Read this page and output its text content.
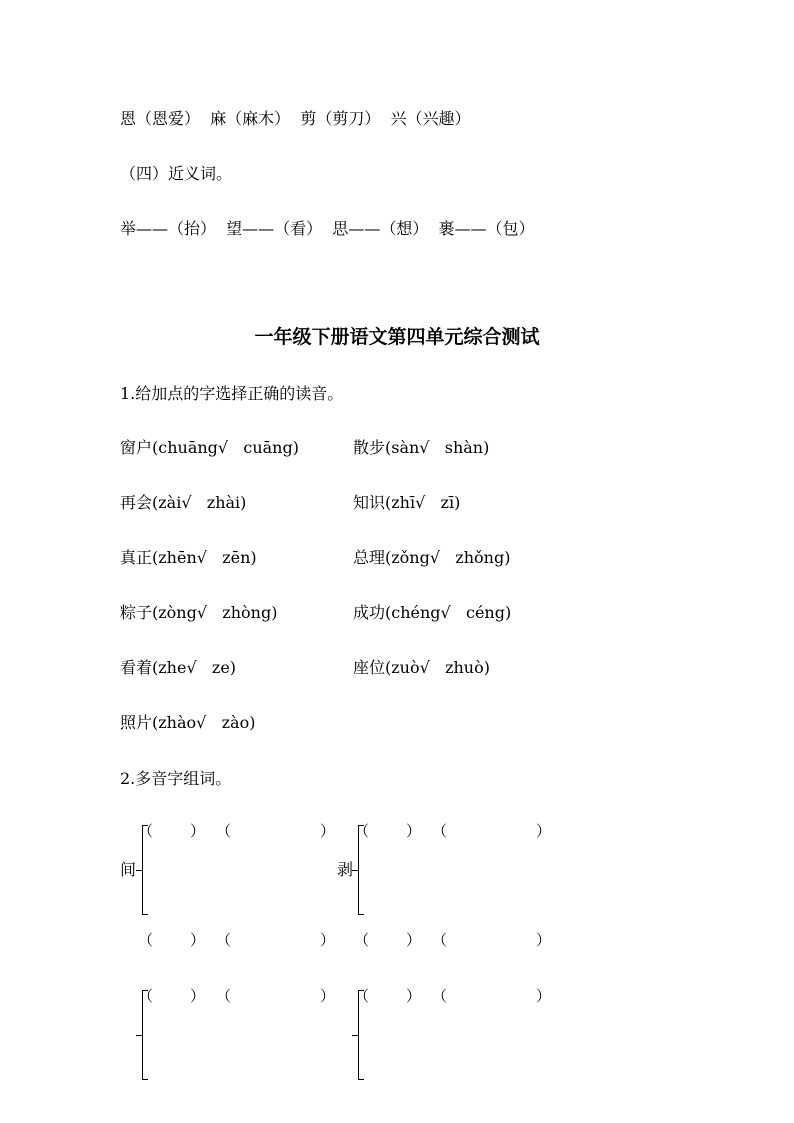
恩（恩爱）  麻（麻木）  剪（剪刀）  兴（兴趣）
（四）近义词。
举——（抬）  望——（看）  思——（想）  裹——（包）
一年级下册语文第四单元综合测试
1.给加点的字选择正确的读音。
窗户(chuāng√   cuāng)	散步(sàn√   shàn)
再会(zài√   zhài)	知识(zhī√   zī)
真正(zhēn√   zēn)	总理(zǒng√   zhǒng)
粽子(zòng√   zhòng)	成功(chéng√   céng)
看着(zhe√   ze)	座位(zuò√   zhuò)
照片(zhào√   zào)
2.多音字组词。
间
（ ） （	）
（ ） （	）
剥
（ ） （	）
（ ） （	）
（ ） （	） （ ） （	）
